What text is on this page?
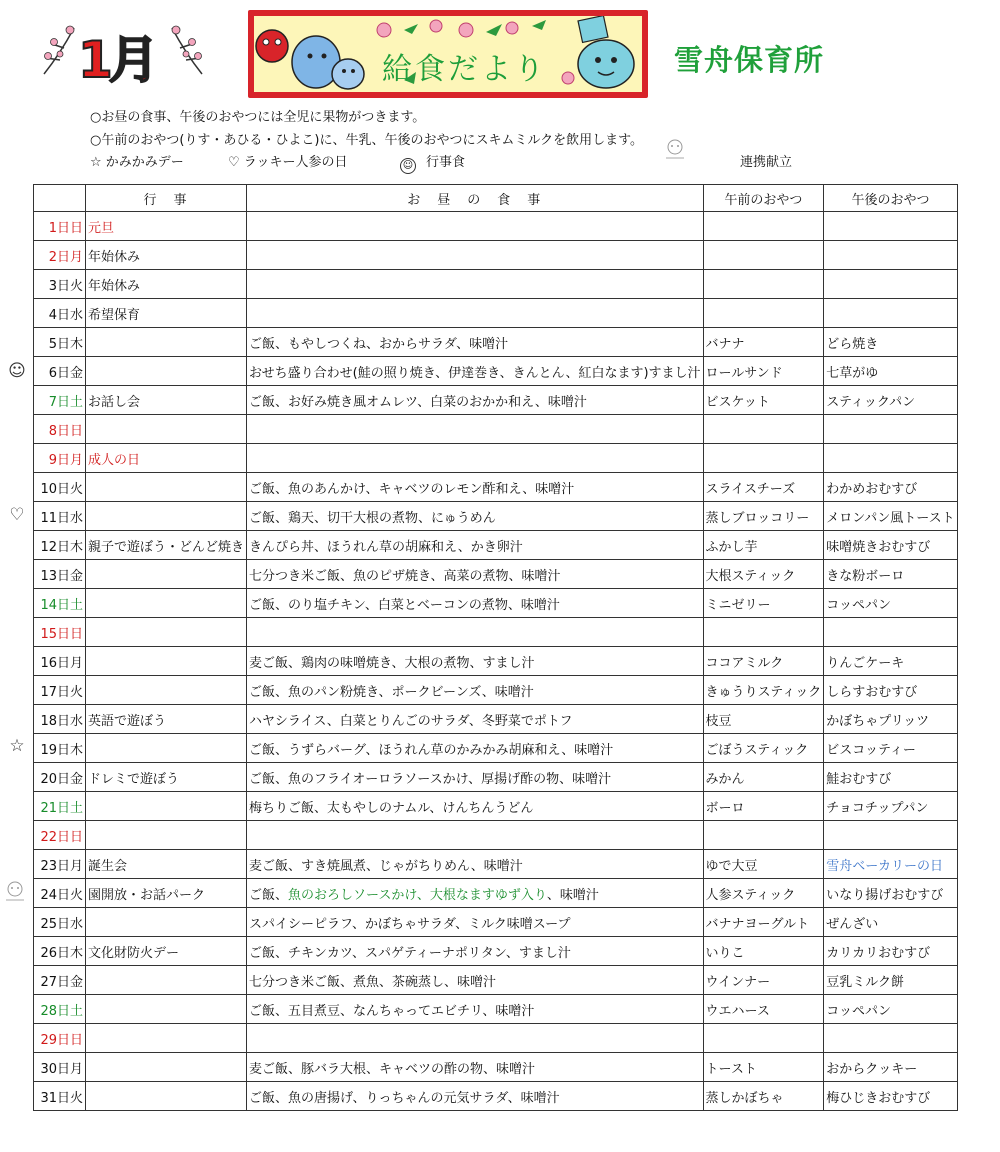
1月	給食だより	雪舟保育所
○お昼の食事、午後のおやつには全児に果物がつきます。
○午前のおやつ(りす・あひる・ひよこ)に、牛乳、午後のおやつにスキムミルクを飲用します。
☆ かみかみデー	♡ ラッキー人参の日	☺ 行事食	連携献立
☺
♡
☆
	行　事	お　昼　の　食　事	午前のおやつ	午後のおやつ
1日日	元旦			
2日月	年始休み			
3日火	年始休み			
4日水	希望保育			
5日木		ご飯、もやしつくね、おからサラダ、味噌汁	バナナ	どら焼き
6日金		おせち盛り合わせ(鮭の照り焼き、伊達巻き、きんとん、紅白なます)すまし汁	ロールサンド	七草がゆ
7日土	お話し会	ご飯、お好み焼き風オムレツ、白菜のおかか和え、味噌汁	ビスケット	スティックパン
8日日				
9日月	成人の日			
10日火		ご飯、魚のあんかけ、キャベツのレモン酢和え、味噌汁	スライスチーズ	わかめおむすび
11日水		ご飯、鶏天、切干大根の煮物、にゅうめん	蒸しブロッコリー	メロンパン風トースト
12日木	親子で遊ぼう・どんど焼き	きんぴら丼、ほうれん草の胡麻和え、かき卵汁	ふかし芋	味噌焼きおむすび
13日金		七分つき米ご飯、魚のピザ焼き、高菜の煮物、味噌汁	大根スティック	きな粉ボーロ
14日土		ご飯、のり塩チキン、白菜とベーコンの煮物、味噌汁	ミニゼリー	コッペパン
15日日				
16日月		麦ご飯、鶏肉の味噌焼き、大根の煮物、すまし汁	ココアミルク	りんごケーキ
17日火		ご飯、魚のパン粉焼き、ポークビーンズ、味噌汁	きゅうりスティック	しらすおむすび
18日水	英語で遊ぼう	ハヤシライス、白菜とりんごのサラダ、冬野菜でポトフ	枝豆	かぼちゃプリッツ
19日木		ご飯、うずらバーグ、ほうれん草のかみかみ胡麻和え、味噌汁	ごぼうスティック	ビスコッティー
20日金	ドレミで遊ぼう	ご飯、魚のフライオーロラソースかけ、厚揚げ酢の物、味噌汁	みかん	鮭おむすび
21日土		梅ちりご飯、太もやしのナムル、けんちんうどん	ボーロ	チョコチップパン
22日日				
23日月	誕生会	麦ご飯、すき焼風煮、じゃがちりめん、味噌汁	ゆで大豆	雪舟ベーカリーの日
24日火	園開放・お話パーク	ご飯、魚のおろしソースかけ、大根なますゆず入り、味噌汁	人参スティック	いなり揚げおむすび
25日水		スパイシーピラフ、かぼちゃサラダ、ミルク味噌スープ	バナナヨーグルト	ぜんざい
26日木	文化財防火デー	ご飯、チキンカツ、スパゲティーナポリタン、すまし汁	いりこ	カリカリおむすび
27日金		七分つき米ご飯、煮魚、茶碗蒸し、味噌汁	ウインナー	豆乳ミルク餅
28日土		ご飯、五目煮豆、なんちゃってエビチリ、味噌汁	ウエハース	コッペパン
29日日				
30日月		麦ご飯、豚バラ大根、キャベツの酢の物、味噌汁	トースト	おからクッキー
31日火		ご飯、魚の唐揚げ、りっちゃんの元気サラダ、味噌汁	蒸しかぼちゃ	梅ひじきおむすび
